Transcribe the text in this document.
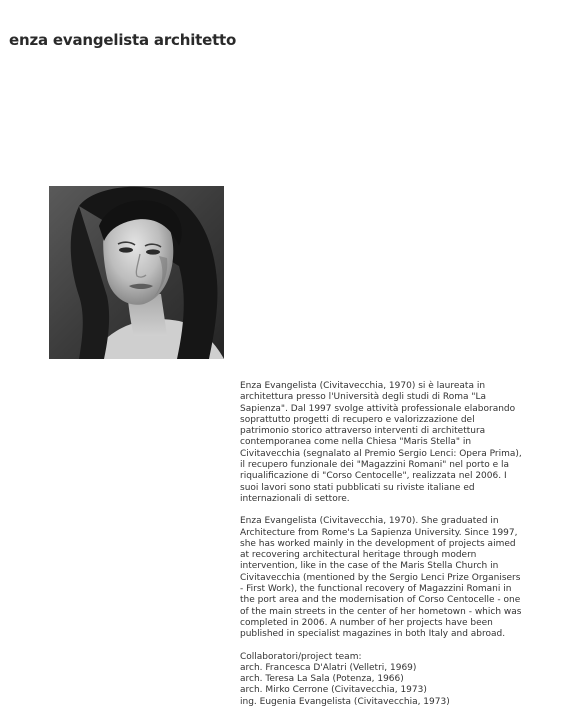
enza evangelista architetto
Enza Evangelista (Civitavecchia, 1970) si è laureata in
architettura presso l'Università degli studi di Roma "La
Sapienza". Dal 1997 svolge attività professionale elaborando
soprattutto progetti di recupero e valorizzazione del
patrimonio storico attraverso interventi di architettura
contemporanea come nella Chiesa "Maris Stella" in
Civitavecchia (segnalato al Premio Sergio Lenci: Opera Prima),
il recupero funzionale dei "Magazzini Romani" nel porto e la
riqualificazione di "Corso Centocelle", realizzata nel 2006. I
suoi lavori sono stati pubblicati su riviste italiane ed
internazionali di settore.
Enza Evangelista (Civitavecchia, 1970). She graduated in
Architecture from Rome's La Sapienza University. Since 1997,
she has worked mainly in the development of projects aimed
at recovering architectural heritage through modern
intervention, like in the case of the Maris Stella Church in
Civitavecchia (mentioned by the Sergio Lenci Prize Organisers
- First Work), the functional recovery of Magazzini Romani in
the port area and the modernisation of Corso Centocelle - one
of the main streets in the center of her hometown - which was
completed in 2006. A number of her projects have been
published in specialist magazines in both Italy and abroad.
Collaboratori/project team:
arch. Francesca D'Alatri (Velletri, 1969)
arch. Teresa La Sala (Potenza, 1966)
arch. Mirko Cerrone (Civitavecchia, 1973)
ing. Eugenia Evangelista (Civitavecchia, 1973)
